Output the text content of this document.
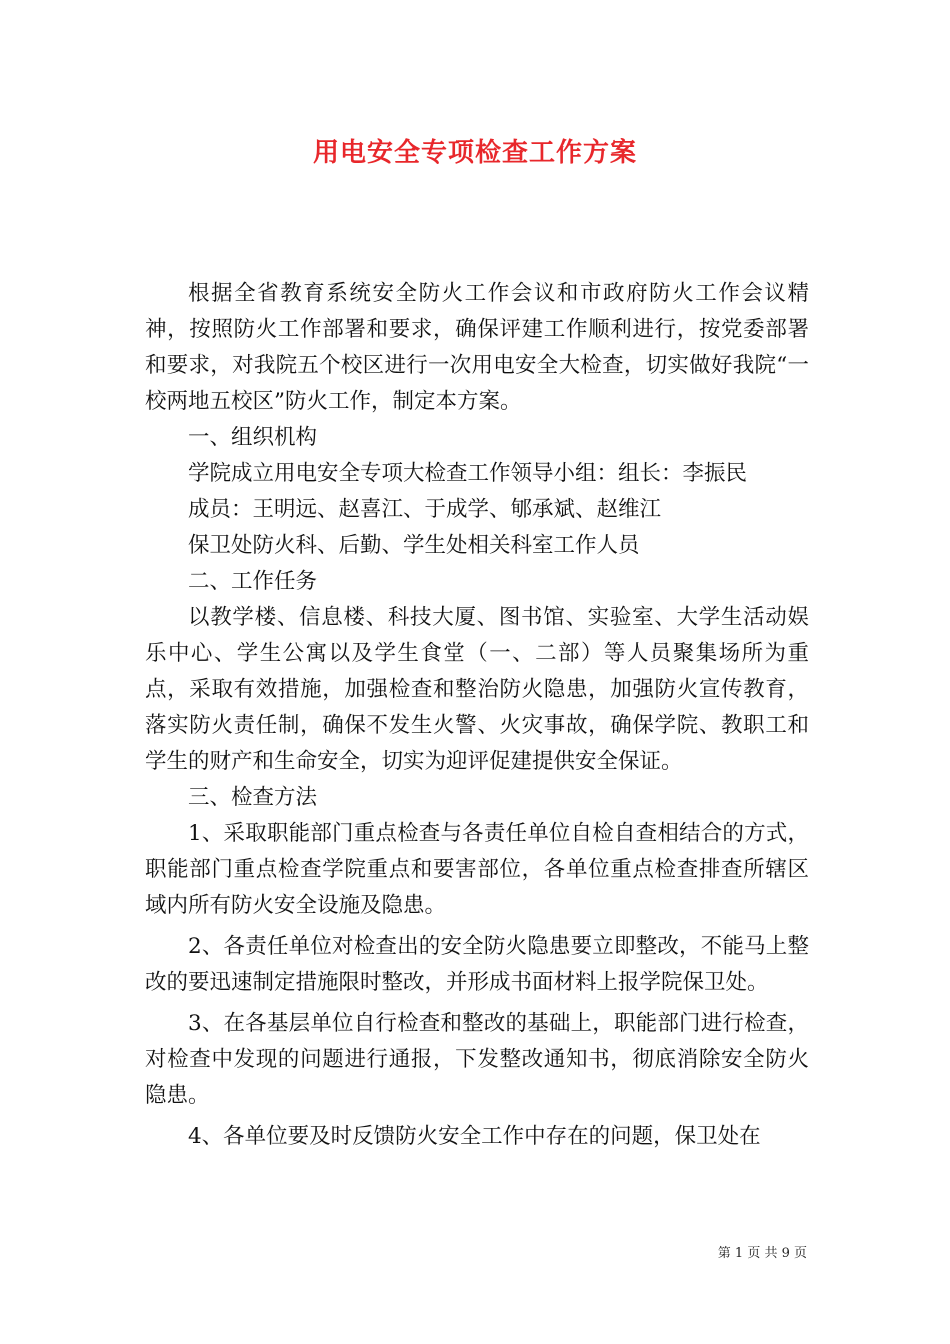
用电安全专项检查工作方案

根据全省教育系统安全防火工作会议和市政府防火工作会议精神，按照防火工作部署和要求，确保评建工作顺利进行，按党委部署和要求，对我院五个校区进行一次用电安全大检查，切实做好我院“一校两地五校区”防火工作，制定本方案。

一、组织机构

学院成立用电安全专项大检查工作领导小组：组长：李振民

成员：王明远、赵喜江、于成学、郇承斌、赵维江

保卫处防火科、后勤、学生处相关科室工作人员

二、工作任务

以教学楼、信息楼、科技大厦、图书馆、实验室、大学生活动娱乐中心、学生公寓以及学生食堂（一、二部）等人员聚集场所为重点，采取有效措施，加强检查和整治防火隐患，加强防火宣传教育，落实防火责任制，确保不发生火警、火灾事故，确保学院、教职工和学生的财产和生命安全，切实为迎评促建提供安全保证。

三、检查方法

1、采取职能部门重点检查与各责任单位自检自查相结合的方式，职能部门重点检查学院重点和要害部位，各单位重点检查排查所辖区域内所有防火安全设施及隐患。

2、各责任单位对检查出的安全防火隐患要立即整改，不能马上整改的要迅速制定措施限时整改，并形成书面材料上报学院保卫处。

3、在各基层单位自行检查和整改的基础上，职能部门进行检查，对检查中发现的问题进行通报，下发整改通知书，彻底消除安全防火隐患。

4、各单位要及时反馈防火安全工作中存在的问题，保卫处在

第 1 页 共 9 页
